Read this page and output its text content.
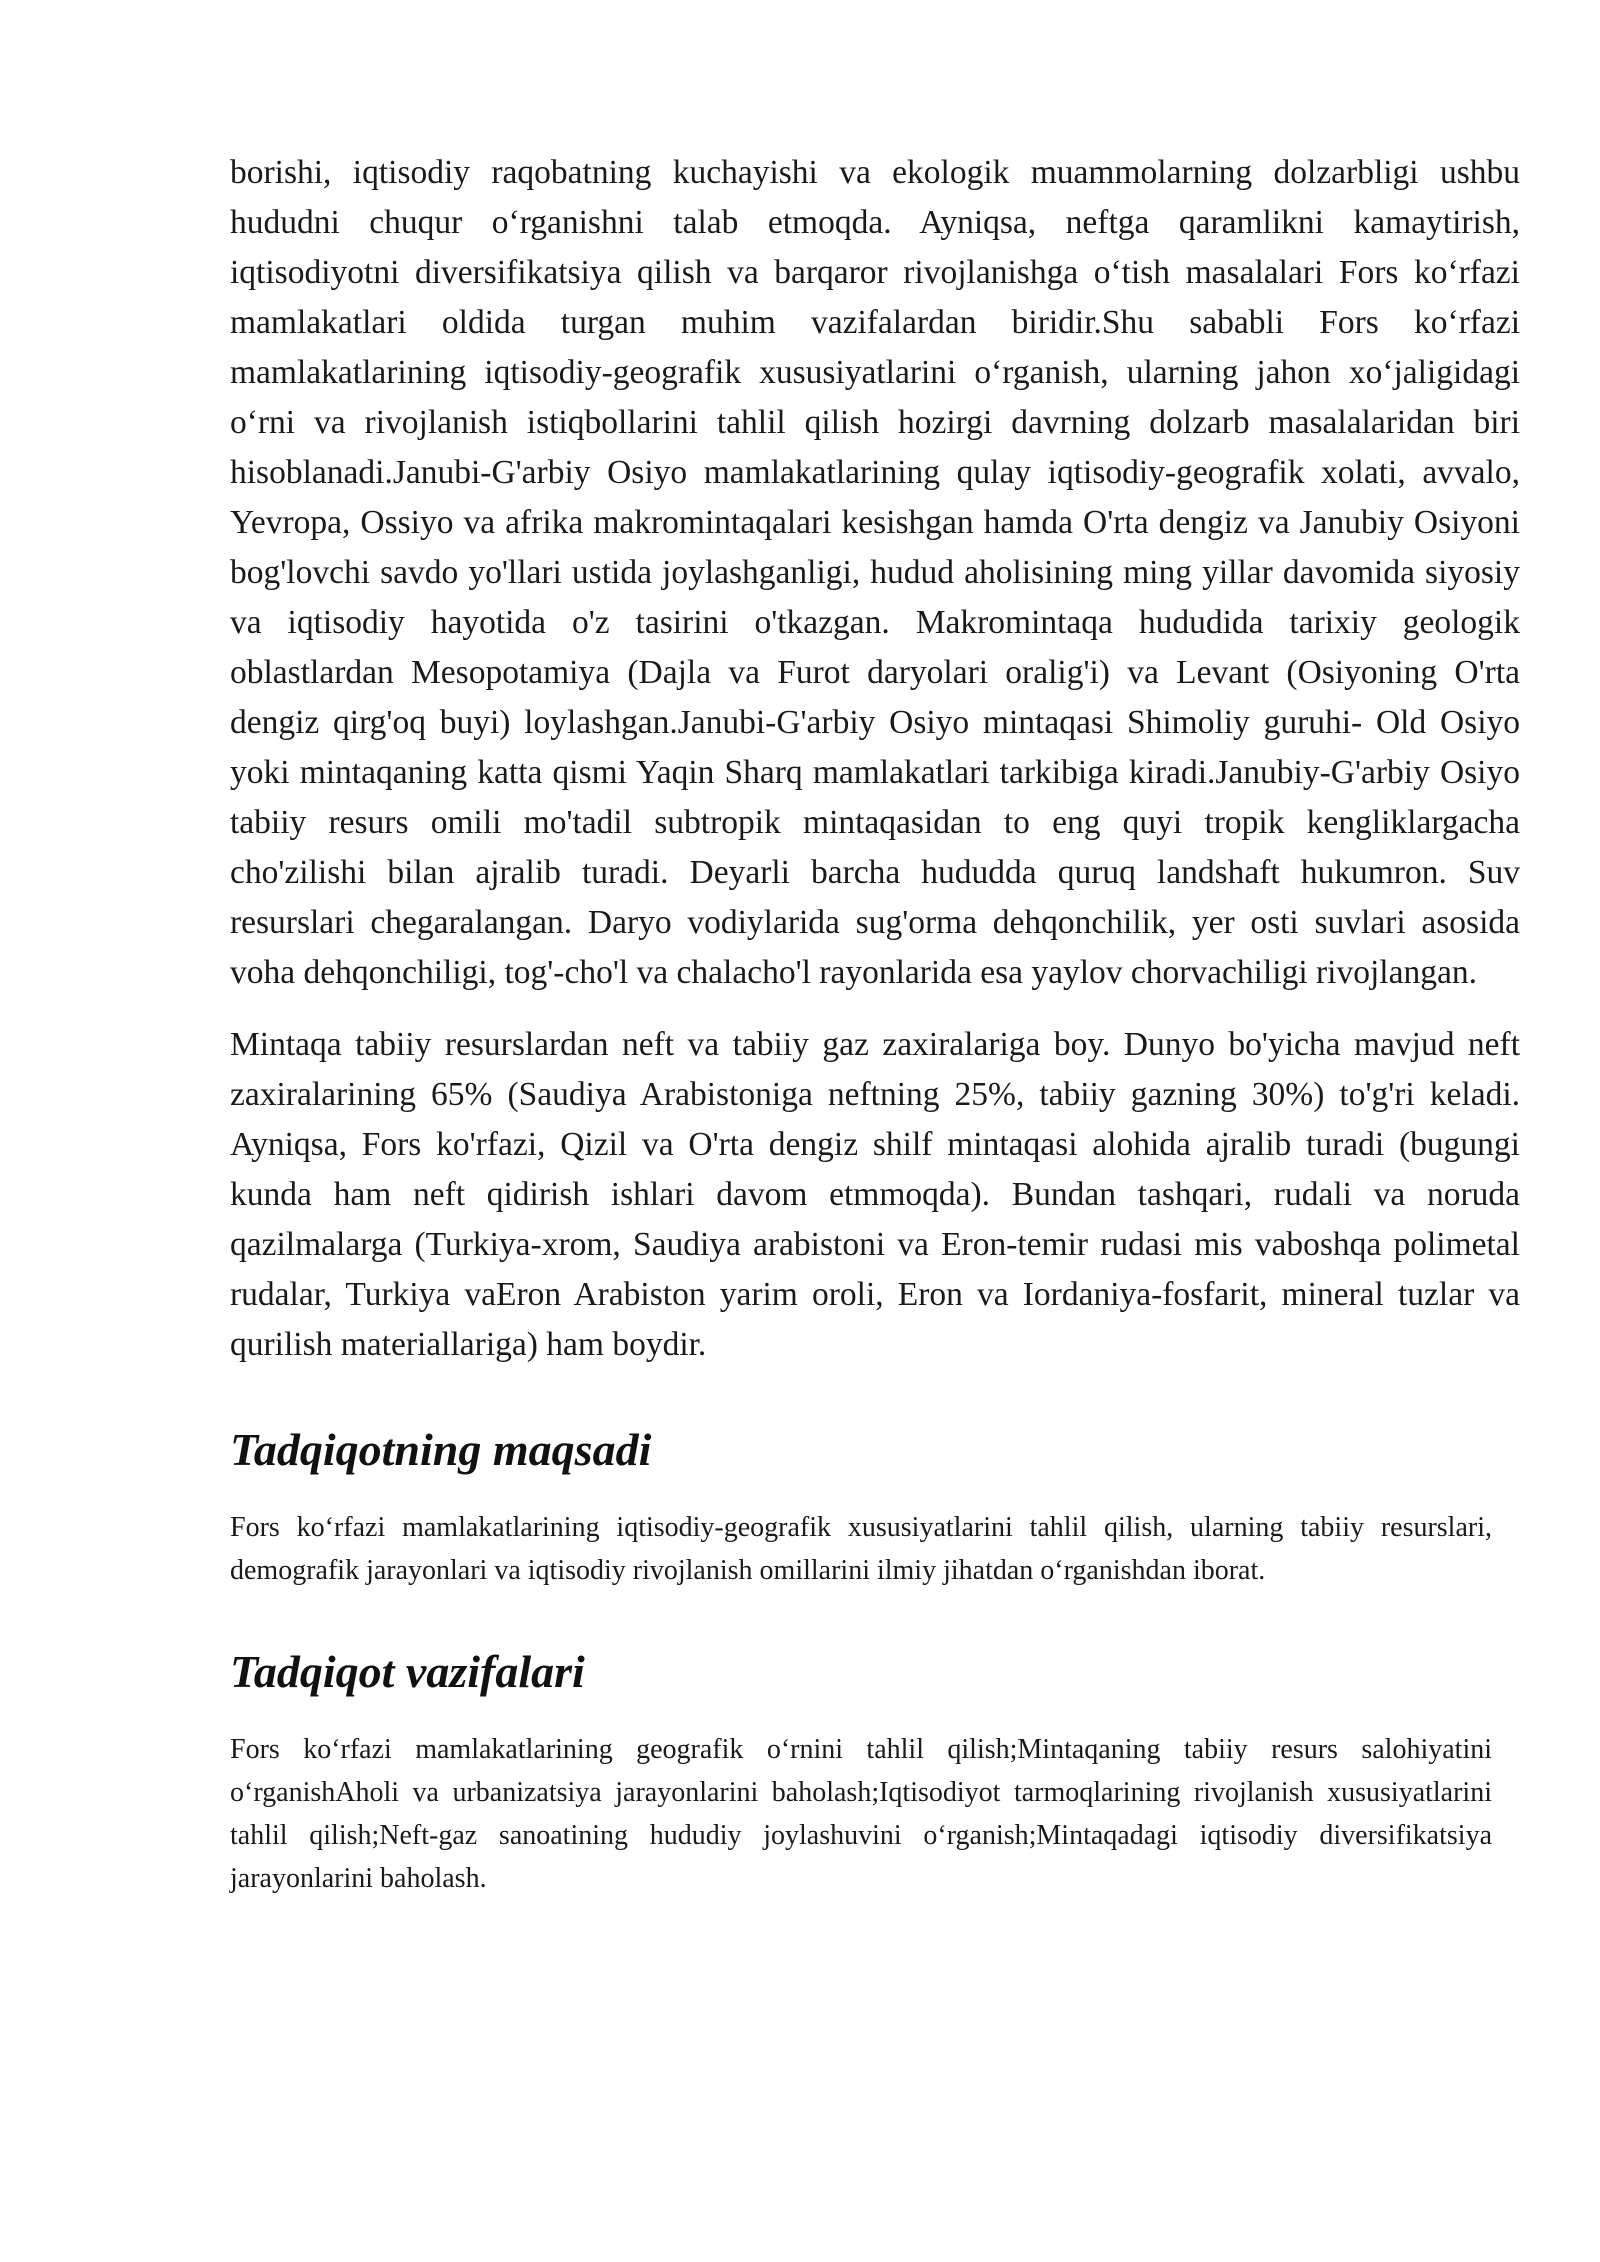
borishi, iqtisodiy raqobatning kuchayishi va ekologik muammolarning dolzarbligi ushbu hududni chuqur oʻrganishni talab etmoqda. Ayniqsa, neftga qaramlikni kamaytirish, iqtisodiyotni diversifikatsiya qilish va barqaror rivojlanishga oʻtish masalalari Fors koʻrfazi mamlakatlari oldida turgan muhim vazifalardan biridir.Shu sababli Fors koʻrfazi mamlakatlarining iqtisodiy-geografik xususiyatlarini oʻrganish, ularning jahon xoʻjaligidagi oʻrni va rivojlanish istiqbollarini tahlil qilish hozirgi davrning dolzarb masalalaridan biri hisoblanadi.Janubi-G'arbiy Osiyo mamlakatlarining qulay iqtisodiy-geografik xolati, avvalo, Yevropa, Ossiyo va afrika makromintaqalari kesishgan hamda O'rta dengiz va Janubiy Osiyoni bog'lovchi savdo yo'llari ustida joylashganligi, hudud aholisining ming yillar davomida siyosiy va iqtisodiy hayotida o'z tasirini o'tkazgan. Makromintaqa hududida tarixiy geologik oblastlardan Mesopotamiya (Dajla va Furot daryolari oralig'i) va Levant (Osiyoning O'rta dengiz qirg'oq buyi) loylashgan.Janubi-G'arbiy Osiyo mintaqasi Shimoliy guruhi- Old Osiyo yoki mintaqaning katta qismi Yaqin Sharq mamlakatlari tarkibiga kiradi.Janubiy-G'arbiy Osiyo tabiiy resurs omili mo'tadil subtropik mintaqasidan to eng quyi tropik kengliklargacha cho'zilishi bilan ajralib turadi. Deyarli barcha hududda quruq landshaft hukumron. Suv resurslari chegaralangan. Daryo vodiylarida sug'orma dehqonchilik, yer osti suvlari asosida voha dehqonchiligi, tog'-cho'l va chalacho'l rayonlarida esa yaylov chorvachiligi rivojlangan.

Mintaqa tabiiy resurslardan neft va tabiiy gaz zaxiralariga boy. Dunyo bo'yicha mavjud neft zaxiralarining 65% (Saudiya Arabistoniga neftning 25%, tabiiy gazning 30%) to'g'ri keladi. Ayniqsa, Fors ko'rfazi, Qizil va O'rta dengiz shilf mintaqasi alohida ajralib turadi (bugungi kunda ham neft qidirish ishlari davom etmmoqda). Bundan tashqari, rudali va noruda qazilmalarga (Turkiya-xrom, Saudiya arabistoni va Eron-temir rudasi mis vaboshqa polimetal rudalar, Turkiya vaEron Arabiston yarim oroli, Eron va Iordaniya-fosfarit, mineral tuzlar va qurilish materiallariga) ham boydir.

Tadqiqotning maqsadi

Fors koʻrfazi mamlakatlarining iqtisodiy-geografik xususiyatlarini tahlil qilish, ularning tabiiy resurslari, demografik jarayonlari va iqtisodiy rivojlanish omillarini ilmiy jihatdan oʻrganishdan iborat.

Tadqiqot vazifalari

Fors koʻrfazi mamlakatlarining geografik oʻrnini tahlil qilish;Mintaqaning tabiiy resurs salohiyatini oʻrganishAholi va urbanizatsiya jarayonlarini baholash;Iqtisodiyot tarmoqlarining rivojlanish xususiyatlarini tahlil qilish;Neft-gaz sanoatining hududiy joylashuvini oʻrganish;Mintaqadagi iqtisodiy diversifikatsiya jarayonlarini baholash.
